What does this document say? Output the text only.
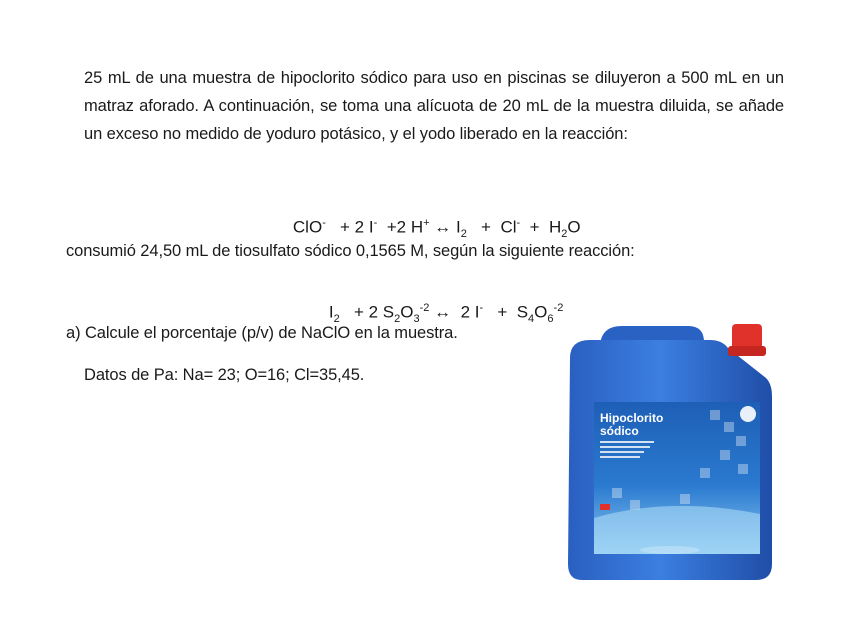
25 mL de una muestra de hipoclorito sódico para uso en piscinas se diluyeron a 500 mL en un matraz aforado. A continuación, se toma una alícuota de 20 mL de la muestra diluida, se añade un exceso no medido de yoduro potásico, y el yodo liberado en la reacción:

ClO- + 2 I- +2 H+ ↔ $I_2 + Cl^- + H_2O$

consumió 24,50 mL de tiosulfato sódico 0,1565 M, según la siguiente reacción:

$I_2 + 2$ $S_2O_3^{-2}$ ↔ 2 $I^- + S_4O_6^{-2}$

a) Calcule el porcentaje (p/v) de NaClO en la muestra.
Datos de Pa: Na= 23; O=16; Cl=35,45.
Hipoclorito
sódico
